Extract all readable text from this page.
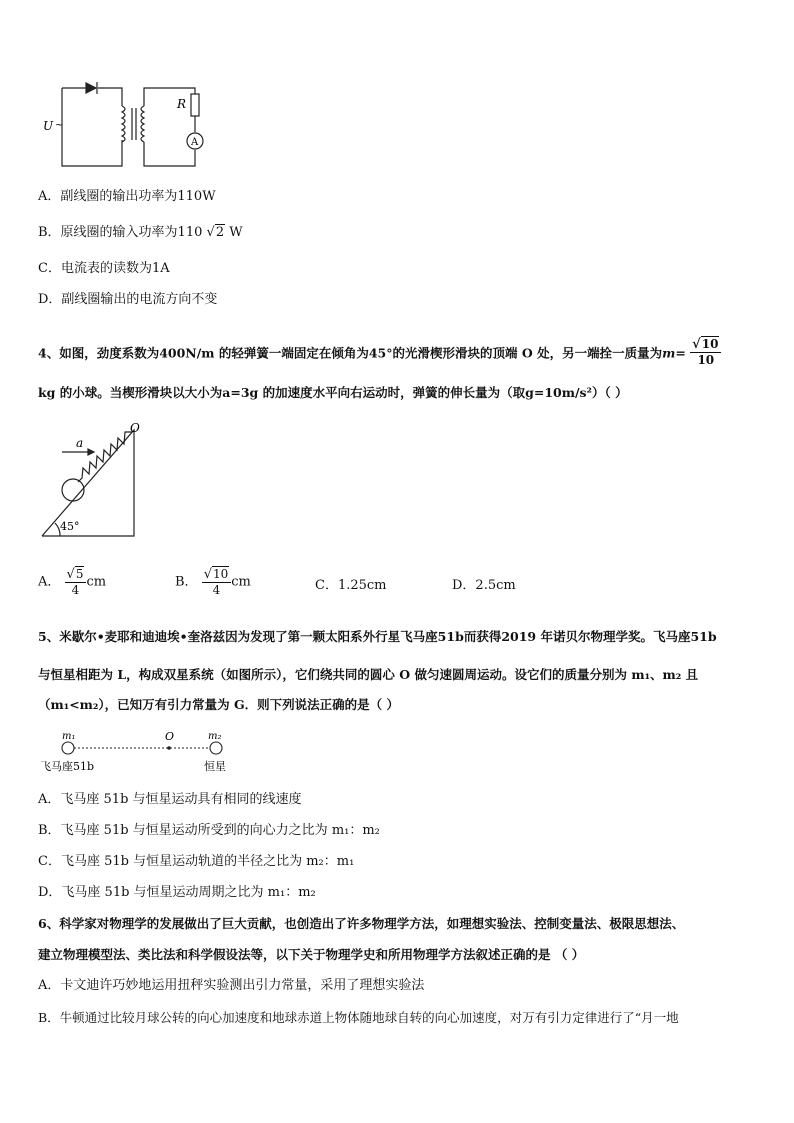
U ~
R
A
A．副线圈的输出功率为110W
B．原线圈的输入功率为110 √2 W
C．电流表的读数为1A
D．副线圈输出的电流方向不变
4、如图，劲度系数为400N/m 的轻弹簧一端固定在倾角为45°的光滑楔形滑块的顶端 O 处，另一端拴一质量为$m= \frac{√10}{10}$
kg 的小球。当楔形滑块以大小为a=3g 的加速度水平向右运动时，弹簧的伸长量为（取g=10m/s²）（ ）
a
O
45°
A． $\frac{√5}{4}$ cm	B． $\frac{√10}{4}$ cm	C．1.25cm	D．2.5cm
5、米歇尔•麦耶和迪迪埃•奎洛兹因为发现了第一颗太阳系外行星飞马座51b而获得2019 年诺贝尔物理学奖。飞马座51b
与恒星相距为 L，构成双星系统（如图所示），它们绕共同的圆心 O 做匀速圆周运动。设它们的质量分别为 m₁、m₂ 且
（m₁<m₂），已知万有引力常量为 G．则下列说法正确的是（ ）
m₁	O	m₂
飞马座51b	恒星
A．飞马座 51b 与恒星运动具有相同的线速度
B．飞马座 51b 与恒星运动所受到的向心力之比为 m₁：m₂
C．飞马座 51b 与恒星运动轨道的半径之比为 m₂：m₁
D．飞马座 51b 与恒星运动周期之比为 m₁：m₂
6、科学家对物理学的发展做出了巨大贡献，也创造出了许多物理学方法，如理想实验法、控制变量法、极限思想法、
建立物理模型法、类比法和科学假设法等，以下关于物理学史和所用物理学方法叙述正确的是 （ ）
A．卡文迪许巧妙地运用扭秤实验测出引力常量，采用了理想实验法
B．牛顿通过比较月球公转的向心加速度和地球赤道上物体随地球自转的向心加速度，对万有引力定律进行了“月一地
